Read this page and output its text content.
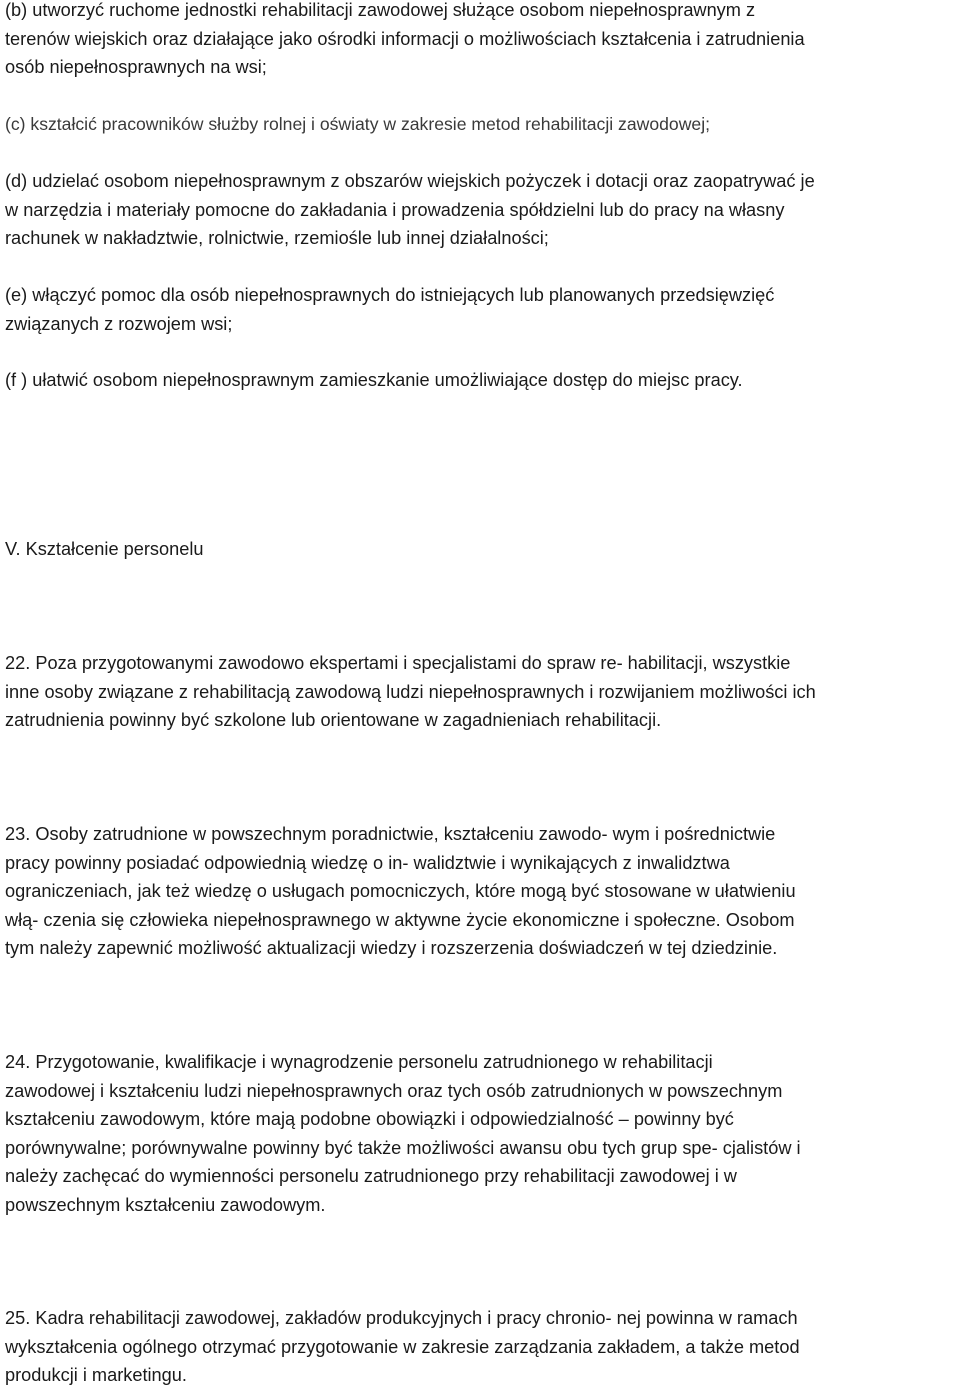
(b) utworzyć ruchome jednostki rehabilitacji zawodowej służące osobom niepełnosprawnym z
terenów wiejskich oraz działające jako ośrodki informacji o możliwościach kształcenia i zatrudnienia
osób niepełnosprawnych na wsi;

(c) kształcić pracowników służby rolnej i oświaty w zakresie metod rehabilitacji zawodowej;

(d) udzielać osobom niepełnosprawnym z obszarów wiejskich pożyczek i dotacji oraz zaopatrywać je
w narzędzia i materiały pomocne do zakładania i prowadzenia spółdzielni lub do pracy na własny
rachunek w nakładztwie, rolnictwie, rzemiośle lub innej działalności;

(e) włączyć pomoc dla osób niepełnosprawnych do istniejących lub planowanych przedsięwzięć
związanych z rozwojem wsi;

(f ) ułatwić osobom niepełnosprawnym zamieszkanie umożliwiające dostęp do miejsc pracy.

V. Kształcenie personelu

22. Poza przygotowanymi zawodowo ekspertami i specjalistami do spraw re- habilitacji, wszystkie
inne osoby związane z rehabilitacją zawodową ludzi niepełnosprawnych i rozwijaniem możliwości ich
zatrudnienia powinny być szkolone lub orientowane w zagadnieniach rehabilitacji.

23. Osoby zatrudnione w powszechnym poradnictwie, kształceniu zawodo- wym i pośrednictwie
pracy powinny posiadać odpowiednią wiedzę o in- walidztwie i wynikających z inwalidztwa
ograniczeniach, jak też wiedzę o usługach pomocniczych, które mogą być stosowane w ułatwieniu
włą- czenia się człowieka niepełnosprawnego w aktywne życie ekonomiczne i społeczne. Osobom
tym należy zapewnić możliwość aktualizacji wiedzy i rozszerzenia doświadczeń w tej dziedzinie.

24. Przygotowanie, kwalifikacje i wynagrodzenie personelu zatrudnionego w rehabilitacji
zawodowej i kształceniu ludzi niepełnosprawnych oraz tych osób zatrudnionych w powszechnym
kształceniu zawodowym, które mają podobne obowiązki i odpowiedzialność – powinny być
porównywalne; porównywalne powinny być także możliwości awansu obu tych grup spe- cjalistów i
należy zachęcać do wymienności personelu zatrudnionego przy rehabilitacji zawodowej i w
powszechnym kształceniu zawodowym.

25. Kadra rehabilitacji zawodowej, zakładów produkcyjnych i pracy chronio- nej powinna w ramach
wykształcenia ogólnego otrzymać przygotowanie w zakresie zarządzania zakładem, a także metod
produkcji i marketingu.
